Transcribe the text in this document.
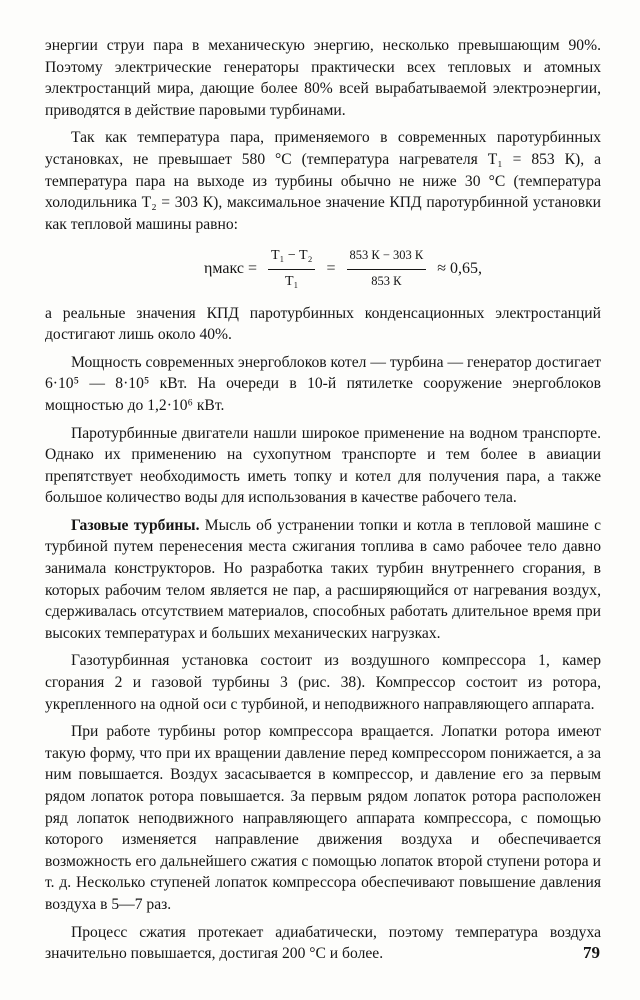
энергии струи пара в механическую энергию, несколько превышающим 90%. Поэтому электрические генераторы практически всех тепловых и атомных электростанций мира, дающие более 80% всей вырабатываемой электроэнергии, приводятся в действие паровыми турбинами.

Так как температура пара, применяемого в современных паротурбинных установках, не превышает 580 °С (температура нагревателя T₁ = 853 К), а температура пара на выходе из турбины обычно не ниже 30 °С (температура холодильника T₂ = 303 К), максимальное значение КПД паротурбинной установки как тепловой машины равно:

ηмакс = $\frac{\text{T₁ − T₂}}{\text{T₁}} = \frac{853 К - 303 К}{853 К} \approx 0,65$,

а реальные значения КПД паротурбинных конденсационных электростанций достигают лишь около 40%.

Мощность современных энергоблоков котел — турбина — генератор достигает 6·10⁵ — 8·10⁵ кВт. На очереди в 10-й пятилетке сооружение энергоблоков мощностью до 1,2·10⁶ кВт.

Паротурбинные двигатели нашли широкое применение на водном транспорте. Однако их применению на сухопутном транспорте и тем более в авиации препятствует необходимость иметь топку и котел для получения пара, а также большое количество воды для использования в качестве рабочего тела.

Газовые турбины. Мысль об устранении топки и котла в тепловой машине с турбиной путем перенесения места сжигания топлива в само рабочее тело давно занимала конструкторов. Но разработка таких турбин внутреннего сгорания, в которых рабочим телом является не пар, а расширяющийся от нагревания воздух, сдерживалась отсутствием материалов, способных работать длительное время при высоких температурах и больших механических нагрузках.

Газотурбинная установка состоит из воздушного компрессора 1, камер сгорания 2 и газовой турбины 3 (рис. 38). Компрессор состоит из ротора, укрепленного на одной оси с турбиной, и неподвижного направляющего аппарата.

При работе турбины ротор компрессора вращается. Лопатки ротора имеют такую форму, что при их вращении давление перед компрессором понижается, а за ним повышается. Воздух засасывается в компрессор, и давление его за первым рядом лопаток ротора повышается. За первым рядом лопаток ротора расположен ряд лопаток неподвижного направляющего аппарата компрессора, с помощью которого изменяется направление движения воздуха и обеспечивается возможность его дальнейшего сжатия с помощью лопаток второй ступени ротора и т. д. Несколько ступеней лопаток компрессора обеспечивают повышение давления воздуха в 5—7 раз.

Процесс сжатия протекает адиабатически, поэтому температура воздуха значительно повышается, достигая 200 °С и более.	79
